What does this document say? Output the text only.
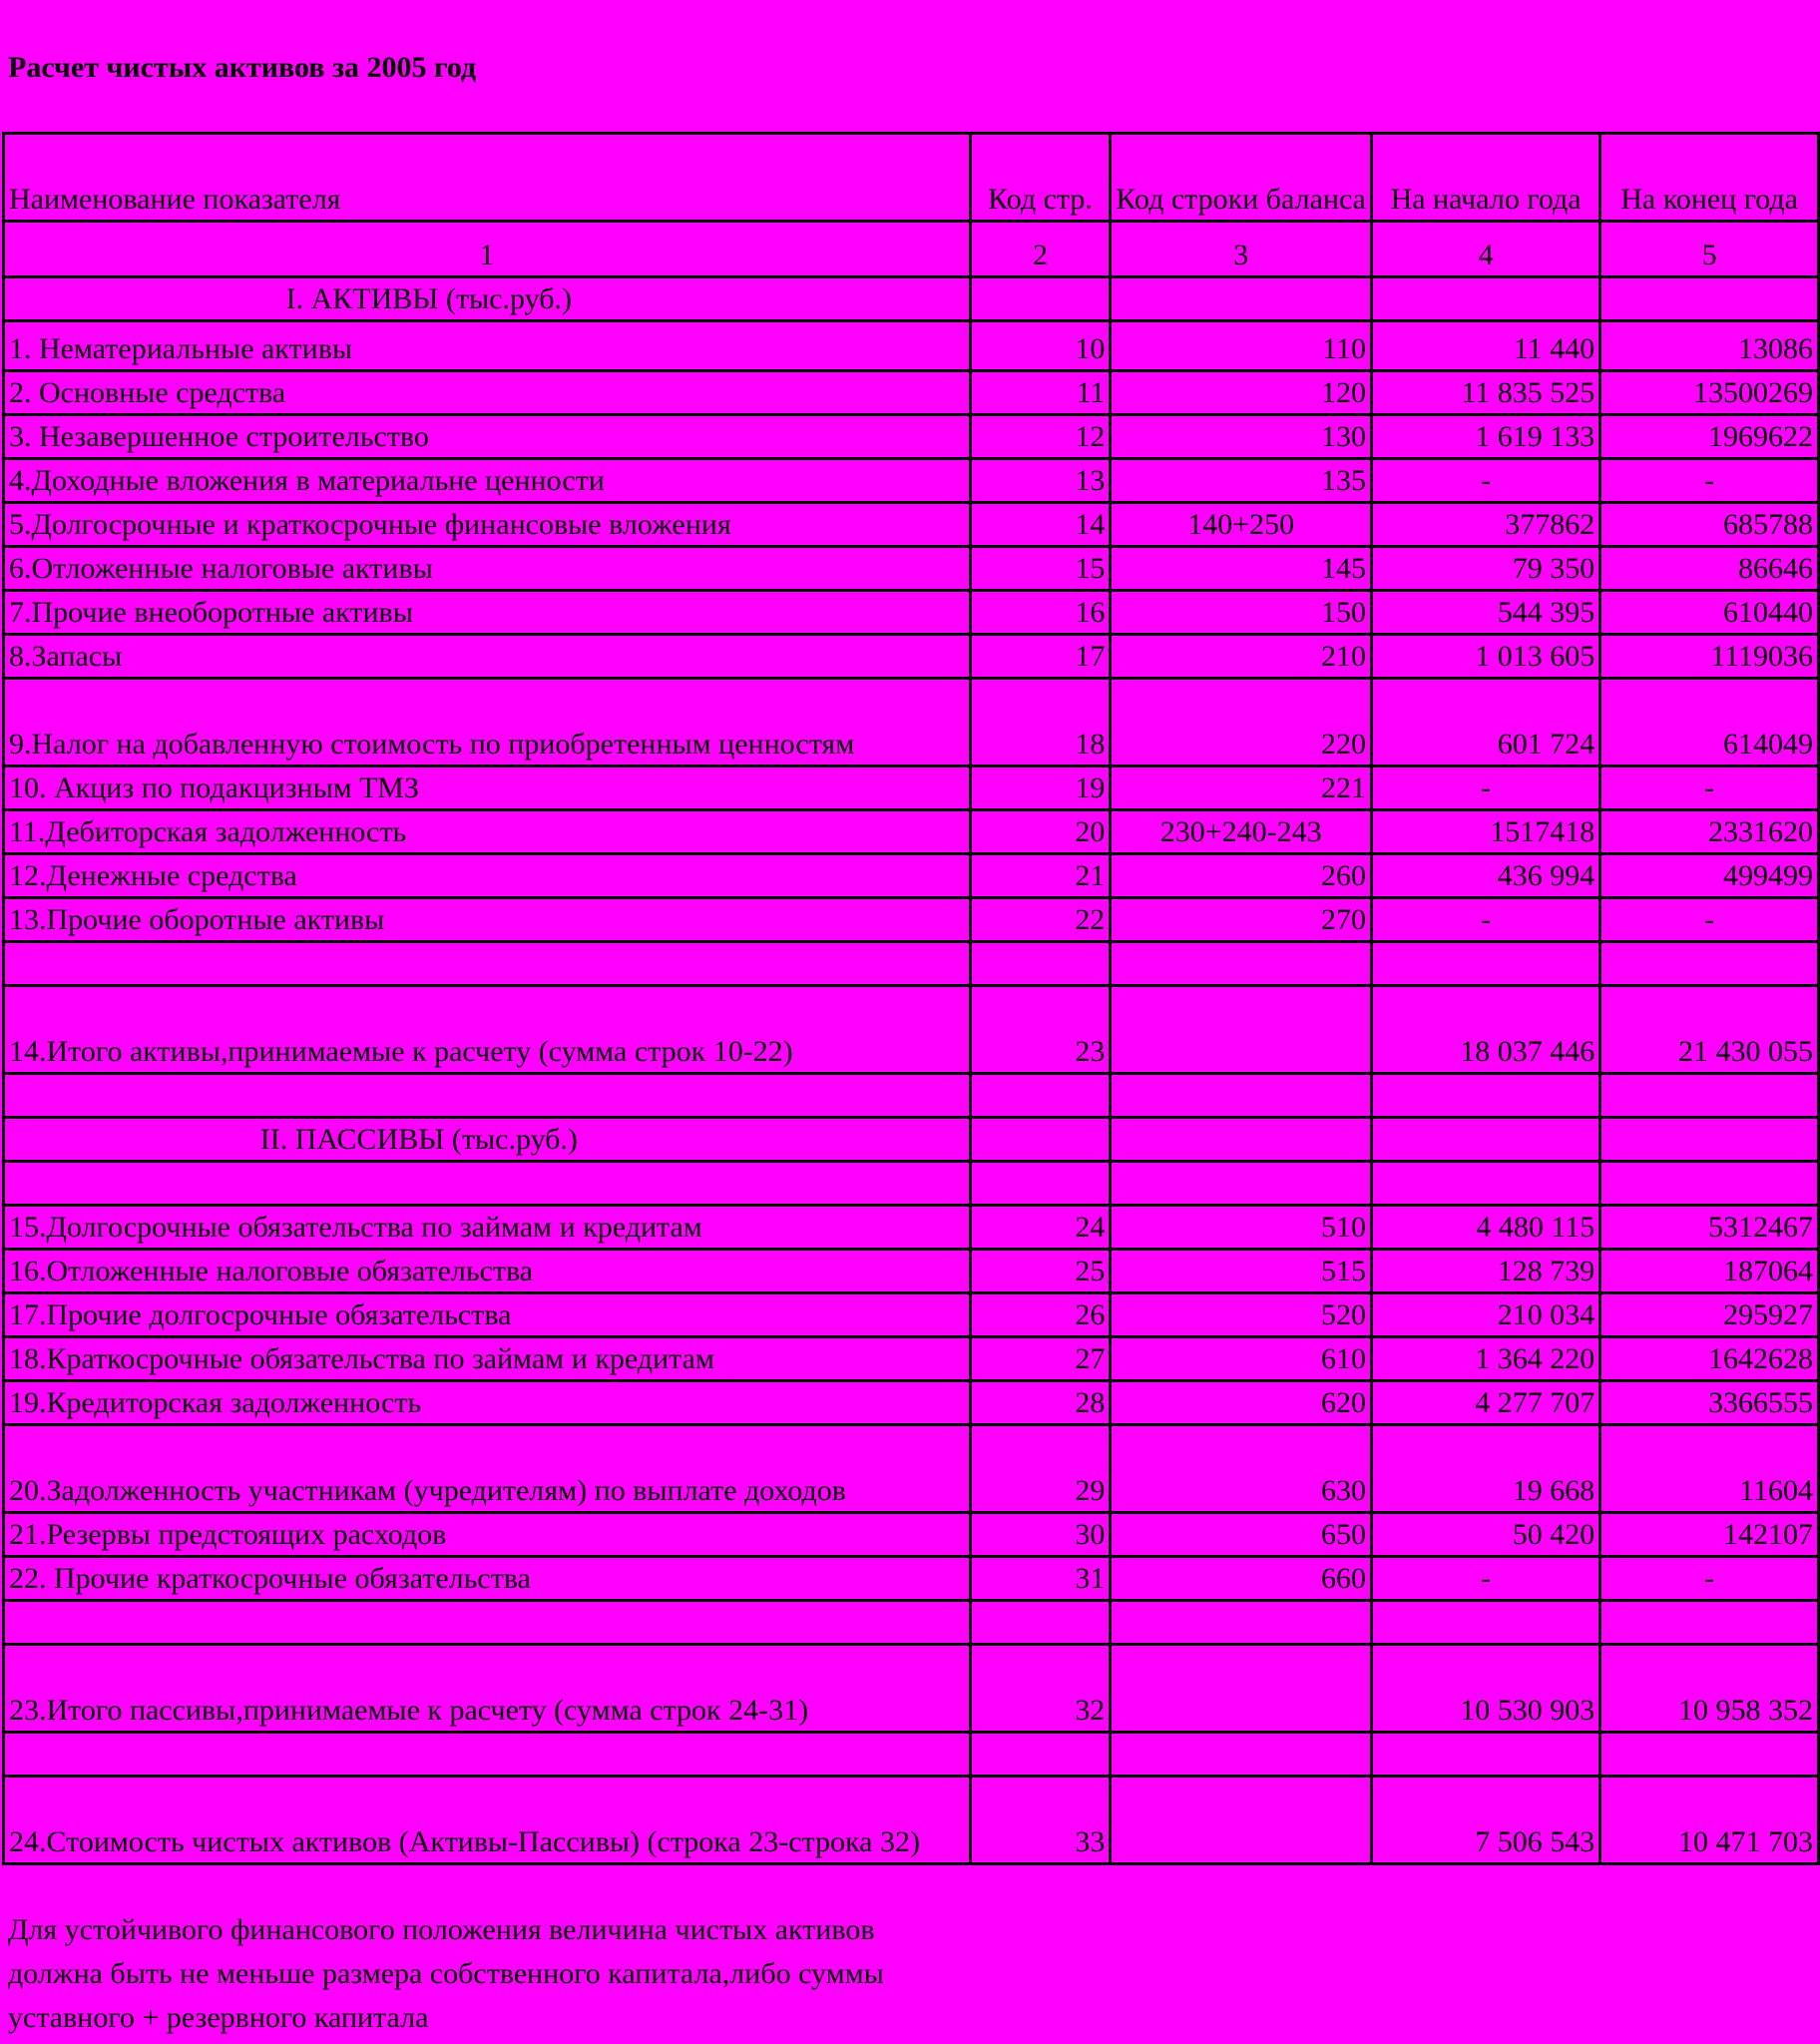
Расчет чистых активов за 2005 год
Наименование показателя	Код стр.	Код строки баланса	На начало года	На конец года
1	2	3	4	5
I. АКТИВЫ (тыс.руб.)				
1. Нематериальные активы	10	110	11 440	13086
2. Основные средства	11	120	11 835 525	13500269
3. Незавершенное строительство	12	130	1 619 133	1969622
4.Доходные вложения в материальне ценности	13	135	-	-
5.Долгосрочные и краткосрочные финансовые вложения	14	140+250	377862	685788
6.Отложенные налоговые активы	15	145	79 350	86646
7.Прочие внеоборотные активы	16	150	544 395	610440
8.Запасы	17	210	1 013 605	1119036
9.Налог на добавленную стоимость по приобретенным ценностям	18	220	601 724	614049
10. Акциз по подакцизным ТМЗ	19	221	-	-
11.Дебиторская задолженность	20	230+240-243	1517418	2331620
12.Денежные средства	21	260	436 994	499499
13.Прочие оборотные активы	22	270	-	-

14.Итого активы,принимаемые к расчету (сумма строк 10-22)	23		18 037 446	21 430 055

II. ПАССИВЫ (тыс.руб.)				

15.Долгосрочные обязательства по займам и кредитам	24	510	4 480 115	5312467
16.Отложенные налоговые обязательства	25	515	128 739	187064
17.Прочие долгосрочные обязательства	26	520	210 034	295927
18.Краткосрочные обязательства по займам и кредитам	27	610	1 364 220	1642628
19.Кредиторская задолженность	28	620	4 277 707	3366555
20.Задолженность участникам (учредителям) по выплате доходов	29	630	19 668	11604
21.Резервы предстоящих расходов	30	650	50 420	142107
22. Прочие краткосрочные обязательства	31	660	-	-

23.Итого пассивы,принимаемые к расчету (сумма строк 24-31)	32		10 530 903	10 958 352

24.Стоимость чистых активов (Активы-Пассивы) (строка 23-строка 32)	33		7 506 543	10 471 703
Для устойчивого финансового положения величина чистых активов должна быть не меньше размера собственного капитала,либо суммы уставного + резервного капитала
